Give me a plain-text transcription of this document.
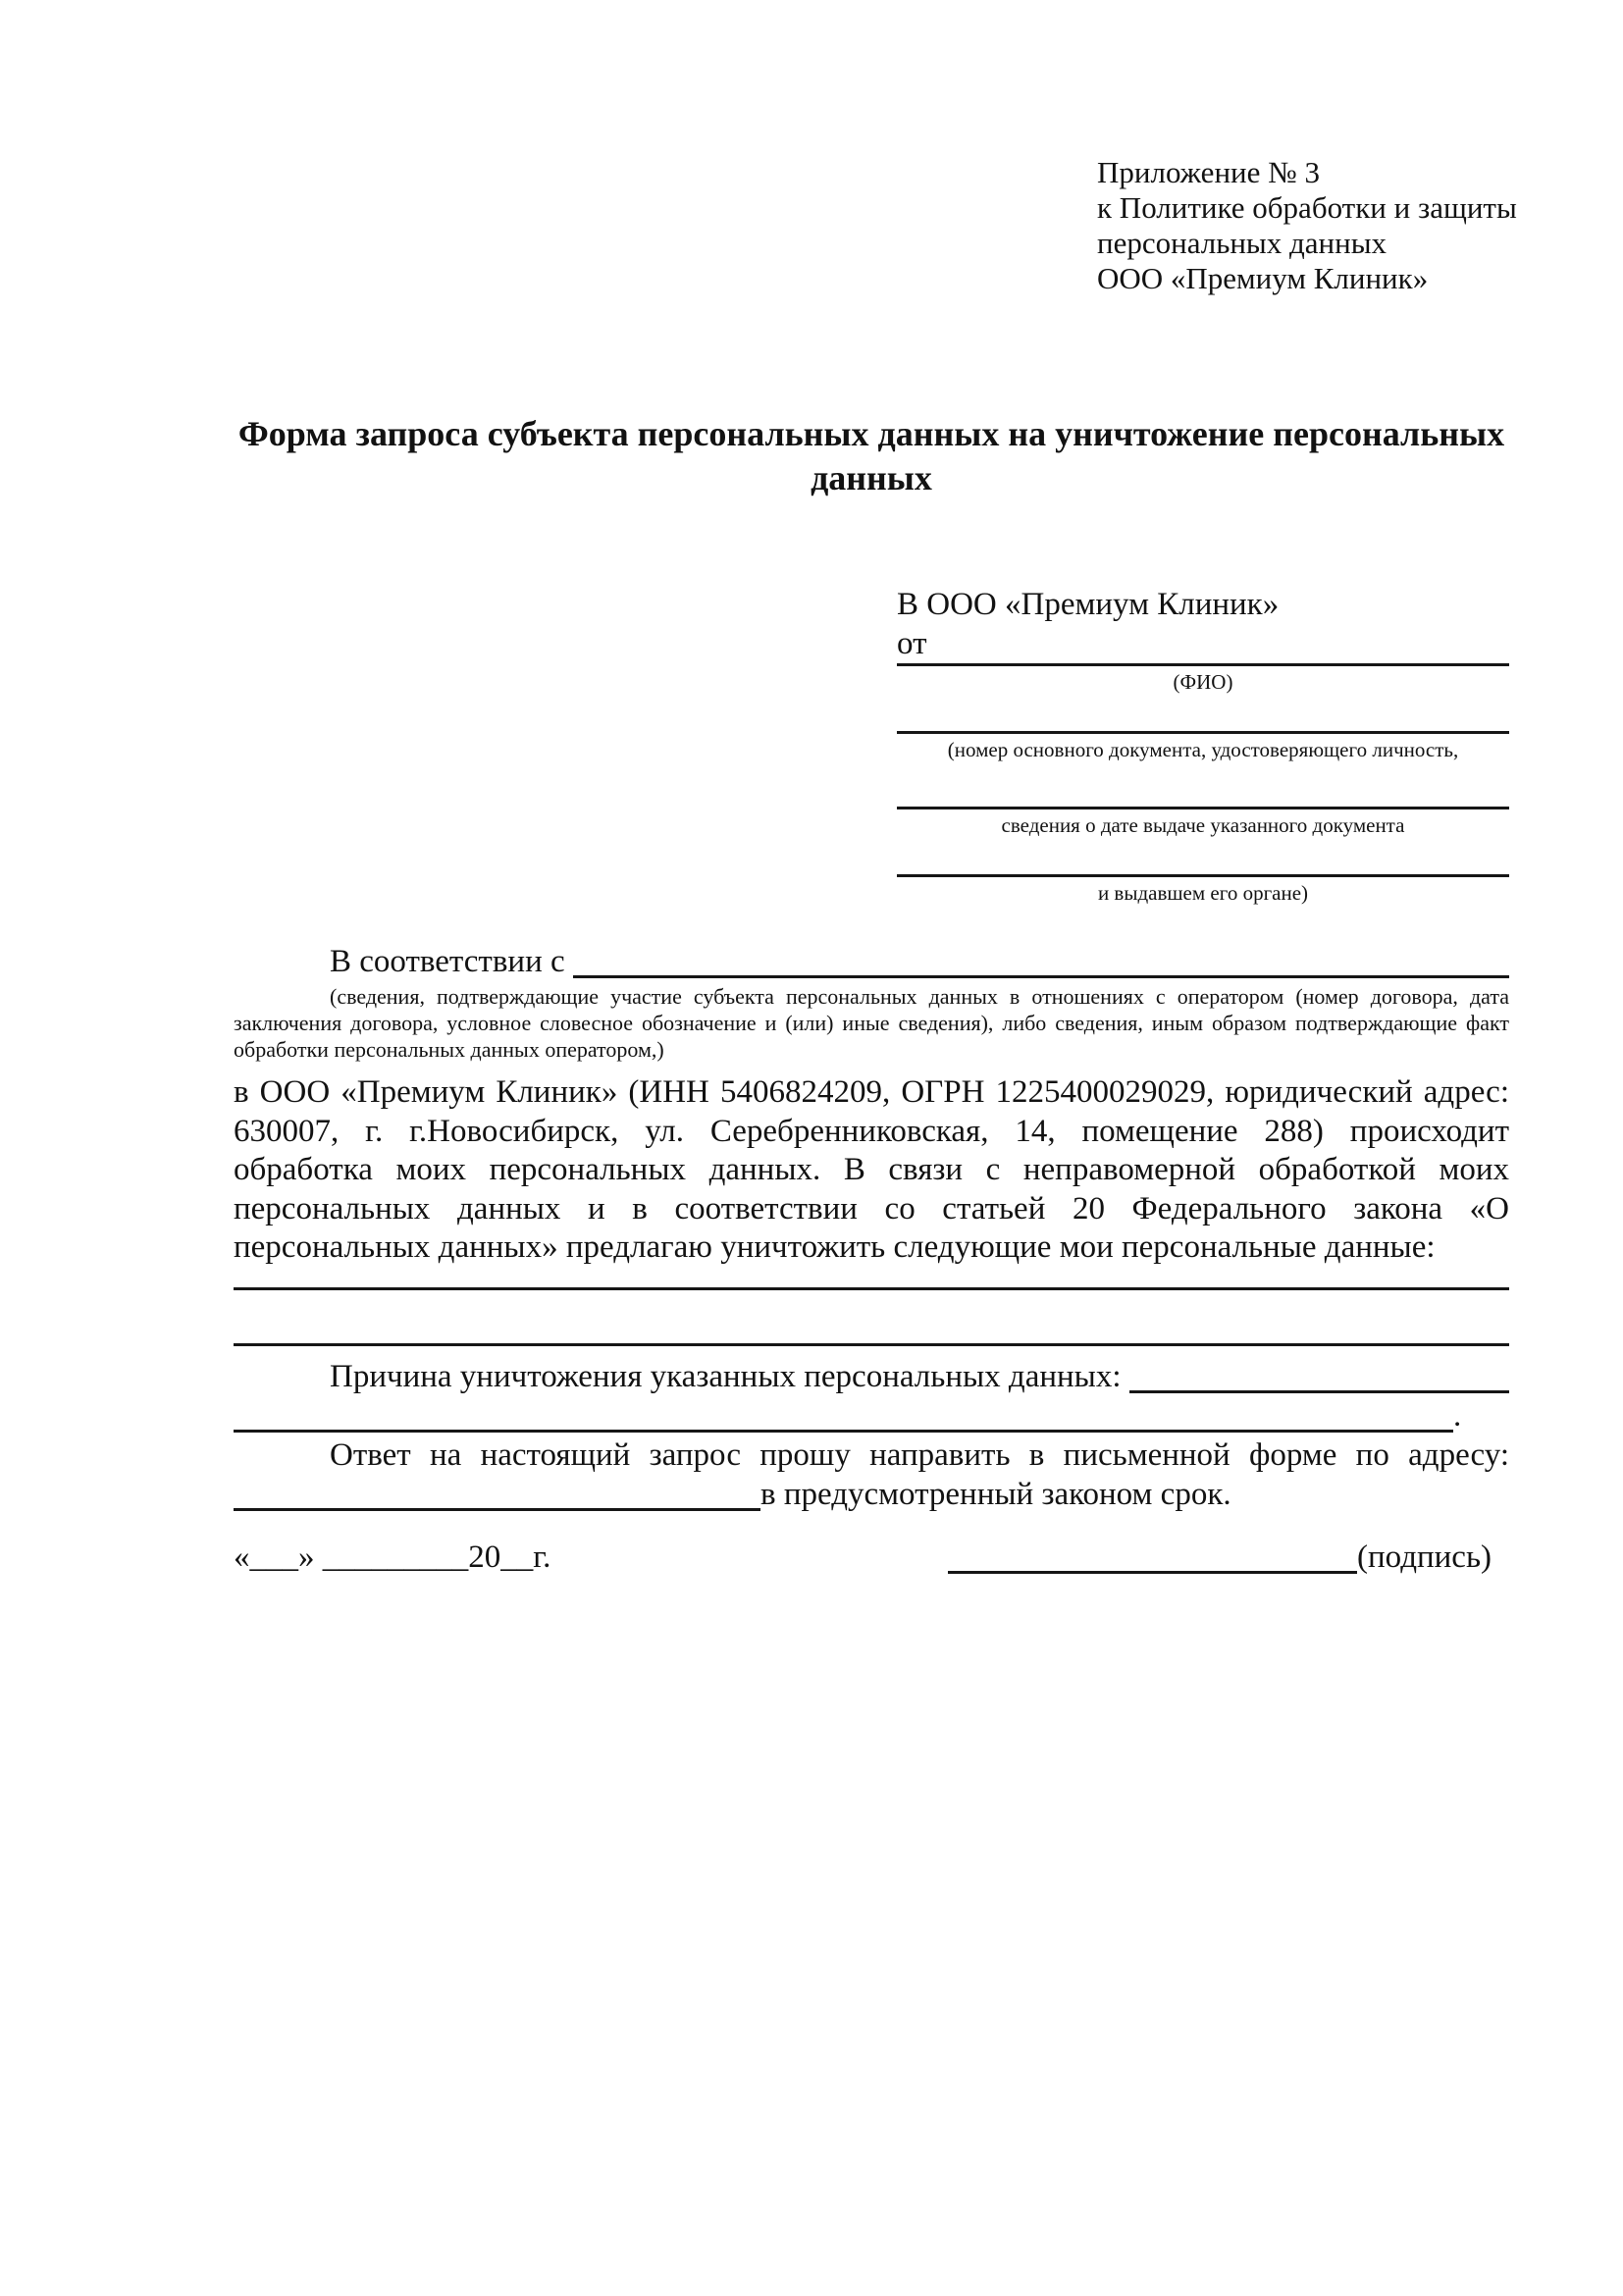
Приложение № 3
к Политике обработки и защиты
персональных данных
ООО «Премиум Клиник»
Форма запроса субъекта персональных данных на уничтожение персональных данных
В ООО «Премиум Клиник»
от
(ФИО)
(номер основного документа, удостоверяющего личность,
сведения о дате выдаче указанного документа
и выдавшем его органе)
В соответствии с

(сведения, подтверждающие участие субъекта персональных данных в отношениях с оператором (номер договора, дата заключения договора, условное словесное обозначение и (или) иные сведения), либо сведения, иным образом подтверждающие факт обработки персональных данных оператором,)

в ООО «Премиум Клиник» (ИНН 5406824209, ОГРН 1225400029029, юридический адрес: 630007, г. г.Новосибирск, ул. Серебренниковская, 14, помещение 288) происходит обработка моих персональных данных. В связи с неправомерной обработкой моих персональных данных и в соответствии со статьей 20 Федерального закона «О персональных данных» предлагаю уничтожить следующие мои персональные данные:

Причина уничтожения указанных персональных данных:
.

Ответ на настоящий запрос прошу направить в письменной форме по адресу:

в предусмотренный законом срок.
«___» _________20__г.	(подпись)
